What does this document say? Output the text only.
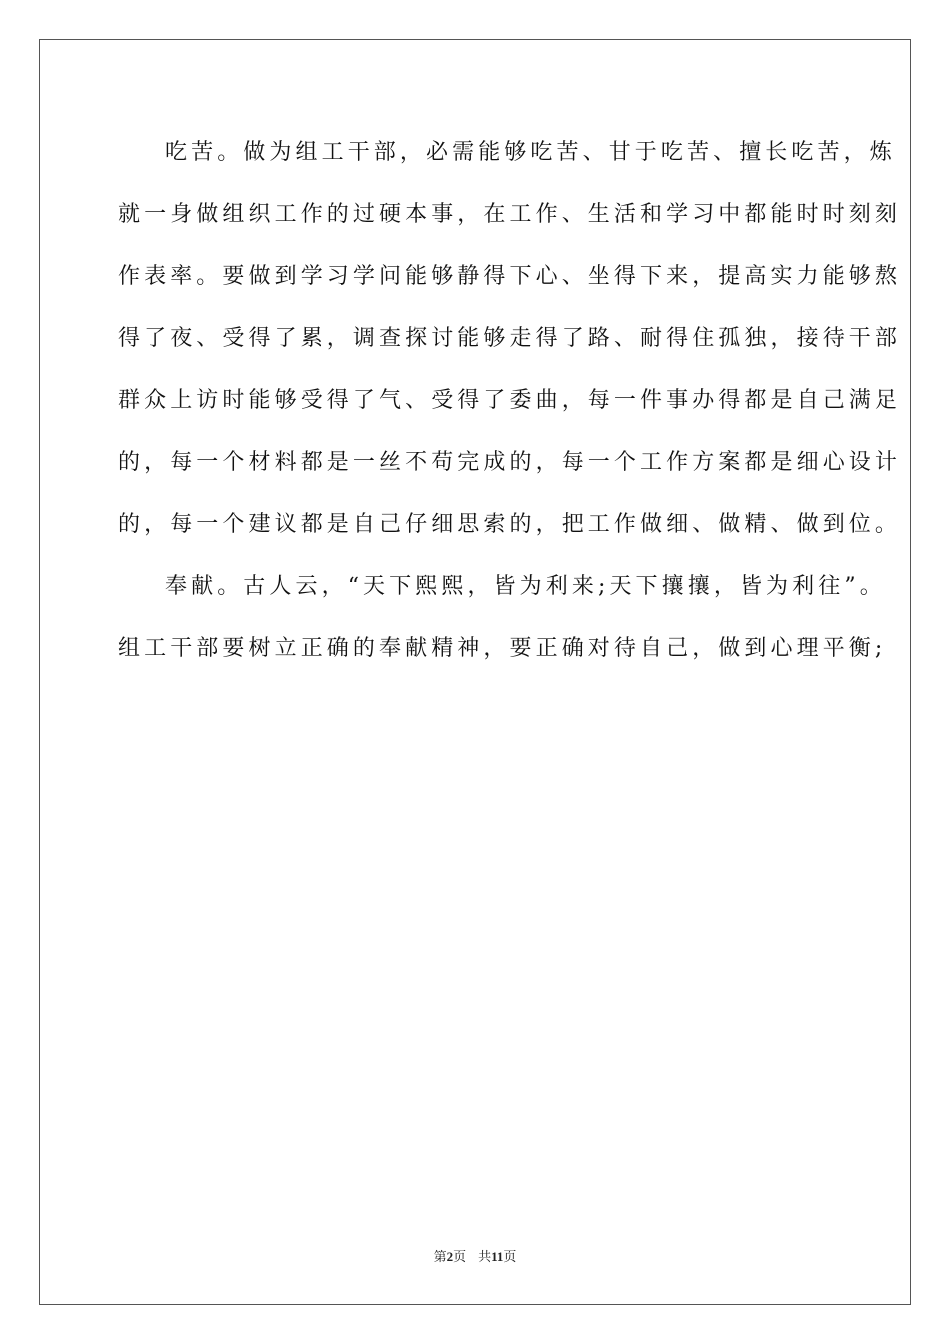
吃苦。做为组工干部，必需能够吃苦、甘于吃苦、擅长吃苦，炼
就一身做组织工作的过硬本事，在工作、生活和学习中都能时时刻刻
作表率。要做到学习学问能够静得下心、坐得下来，提高实力能够熬
得了夜、受得了累，调查探讨能够走得了路、耐得住孤独，接待干部
群众上访时能够受得了气、受得了委曲，每一件事办得都是自己满足
的，每一个材料都是一丝不苟完成的，每一个工作方案都是细心设计
的，每一个建议都是自己仔细思索的，把工作做细、做精、做到位。
奉献。古人云，“天下熙熙，皆为利来;天下攘攘，皆为利往”。
组工干部要树立正确的奉献精神，要正确对待自己，做到心理平衡;
第2页 共11页
